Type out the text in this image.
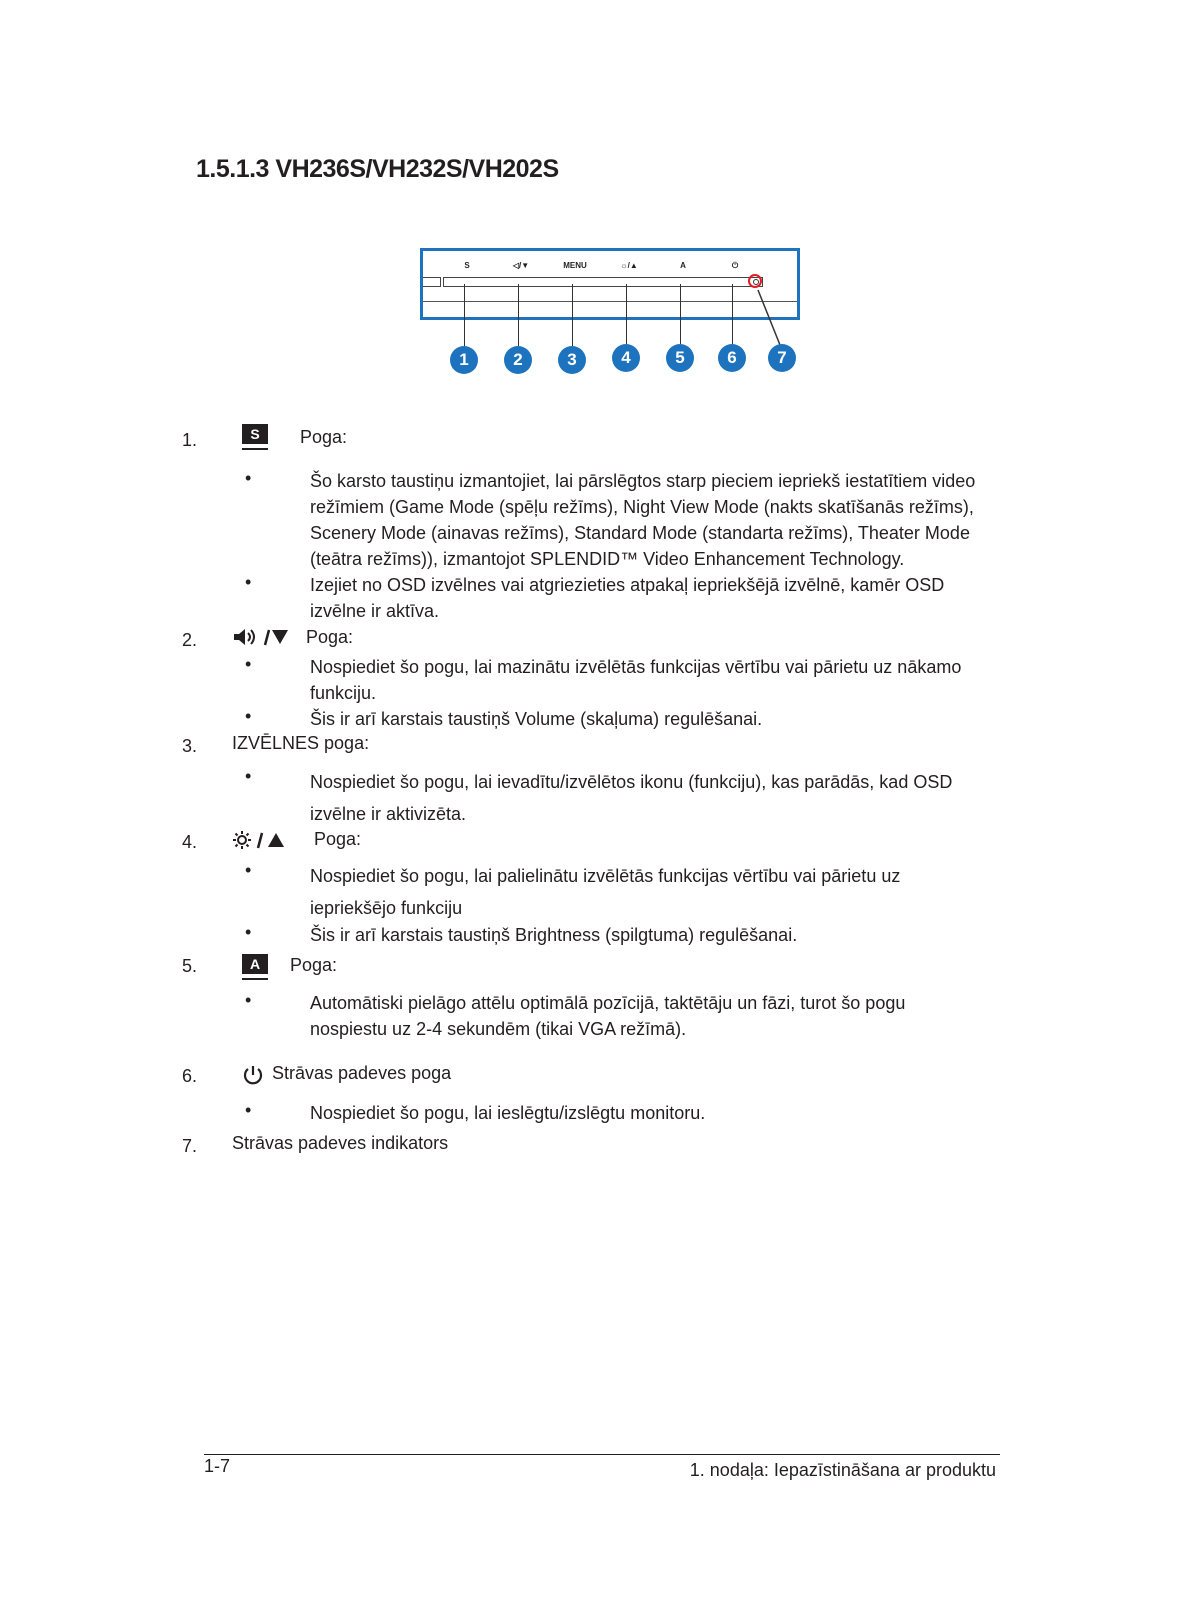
1.5.1.3 VH236S/VH232S/VH202S
S	◁/▼	MENU	☼/▲	A	⏻
1	2	3	4	5	6	7
1.	S	Poga:
•	Šo karsto taustiņu izmantojiet, lai pārslēgtos starp pieciem iepriekš iestatītiem video režīmiem (Game Mode (spēļu režīms), Night View Mode (nakts skatīšanās režīms), Scenery Mode (ainavas režīms), Standard Mode (standarta režīms), Theater Mode (teātra režīms)), izmantojot SPLENDID™ Video Enhancement Technology.
•	Izejiet no OSD izvēlnes vai atgriezieties atpakaļ iepriekšējā izvēlnē, kamēr OSD izvēlne ir aktīva.
2.	Poga:
•	Nospiediet šo pogu, lai mazinātu izvēlētās funkcijas vērtību vai pārietu uz nākamo funkciju.
•	Šis ir arī karstais taustiņš Volume (skaļuma) regulēšanai.
3. IZVĒLNES poga:
•	Nospiediet šo pogu, lai ievadītu/izvēlētos ikonu (funkciju), kas parādās, kad OSD izvēlne ir aktivizēta.
4.	Poga:
•	Nospiediet šo pogu, lai palielinātu izvēlētās funkcijas vērtību vai pārietu uz iepriekšējo funkciju
•	Šis ir arī karstais taustiņš Brightness (spilgtuma) regulēšanai.
5.	A	Poga:
•	Automātiski pielāgo attēlu optimālā pozīcijā, taktētāju un fāzi, turot šo pogu nospiestu uz 2-4 sekundēm (tikai VGA režīmā).
6.	Strāvas padeves poga
•	Nospiediet šo pogu, lai ieslēgtu/izslēgtu monitoru.
7. Strāvas padeves indikators
1-7	1. nodaļa: Iepazīstināšana ar produktu
